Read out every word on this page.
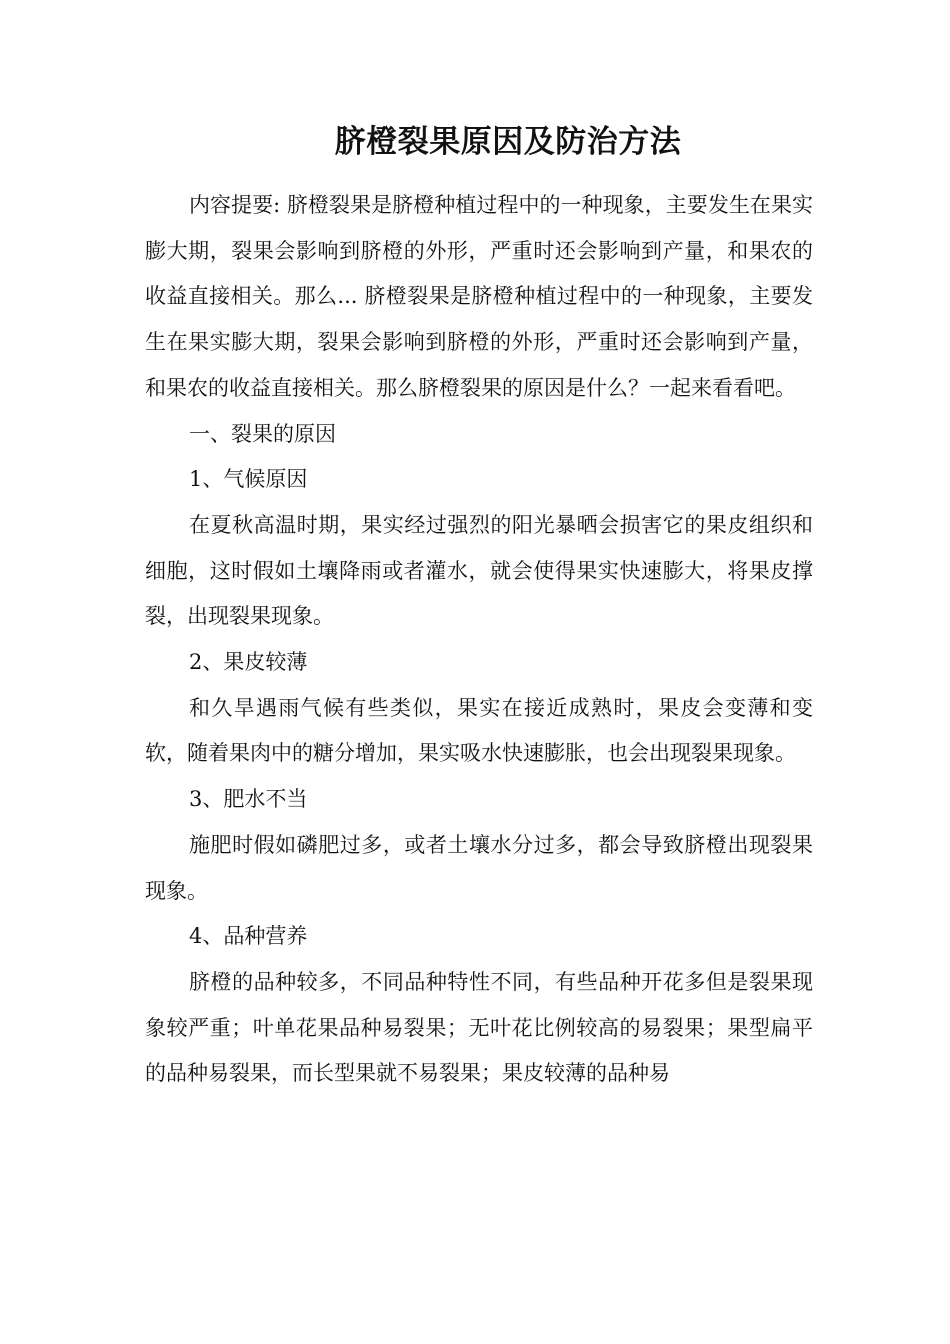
脐橙裂果原因及防治方法

内容提要: 脐橙裂果是脐橙种植过程中的一种现象，主要发生在果实膨大期，裂果会影响到脐橙的外形，严重时还会影响到产量，和果农的收益直接相关。那么... 脐橙裂果是脐橙种植过程中的一种现象，主要发生在果实膨大期，裂果会影响到脐橙的外形，严重时还会影响到产量，和果农的收益直接相关。那么脐橙裂果的原因是什么？一起来看看吧。

一、裂果的原因

1、气候原因

在夏秋高温时期，果实经过强烈的阳光暴晒会损害它的果皮组织和细胞，这时假如土壤降雨或者灌水，就会使得果实快速膨大，将果皮撑裂，出现裂果现象。

2、果皮较薄

和久旱遇雨气候有些类似，果实在接近成熟时，果皮会变薄和变软，随着果肉中的糖分增加，果实吸水快速膨胀，也会出现裂果现象。

3、肥水不当

施肥时假如磷肥过多，或者土壤水分过多，都会导致脐橙出现裂果现象。

4、品种营养

脐橙的品种较多，不同品种特性不同，有些品种开花多但是裂果现象较严重；叶单花果品种易裂果；无叶花比例较高的易裂果；果型扁平的品种易裂果，而长型果就不易裂果；果皮较薄的品种易
